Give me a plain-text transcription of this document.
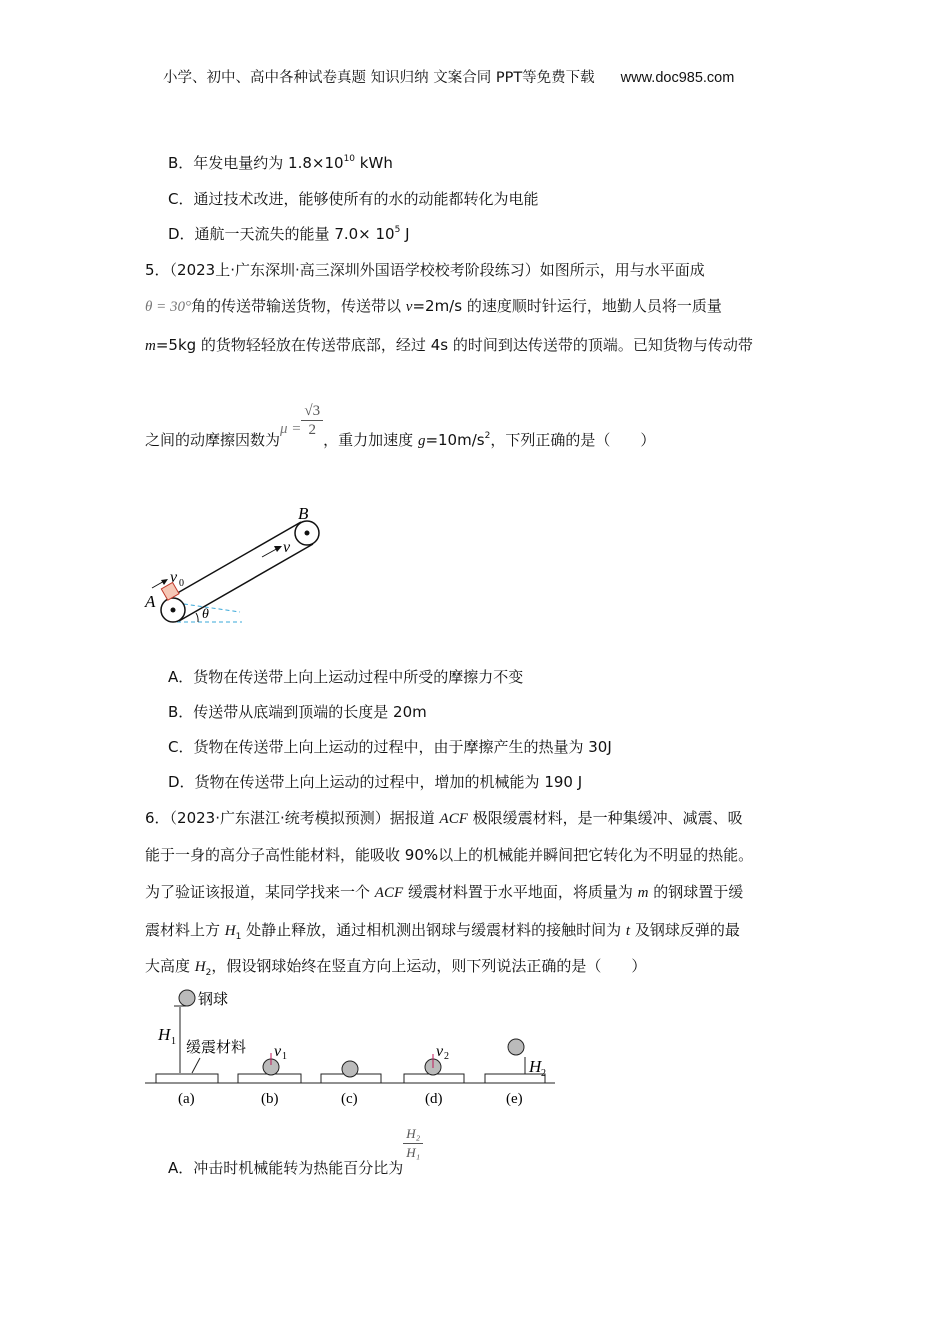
小学、初中、高中各种试卷真题 知识归纳 文案合同 PPT等免费下载 www.doc985.com
B．年发电量约为 $1.8\times 10^{10}$ kWh
C．通过技术改进，能够使所有的水的动能都转化为电能
D．通航一天流失的能量 $7.0\times 10^5$ J
5．（2023上·广东深圳·高三深圳外国语学校校考阶段练习）如图所示，用与水平面成
θ = 30°角的传送带输送货物，传送带以 v=2m/s 的速度顺时针运行，地勤人员将一质量
m=5kg 的货物轻轻放在传送带底部，经过 4s 的时间到达传送带的顶端。已知货物与传动带
之间的动摩擦因数为$\mu = \frac{√3}{2}$
，重力加速度 $g=10m/s^2$，下列正确的是（　　）
B
A
v
v 0
θ
A．货物在传送带上向上运动过程中所受的摩擦力不变
B．传送带从底端到顶端的长度是 20m
C．货物在传送带上向上运动的过程中，由于摩擦产生的热量为 30J
D．货物在传送带上向上运动的过程中，增加的机械能为 190 J
6．（2023·广东湛江·统考模拟预测）据报道 ACF 极限缓震材料，是一种集缓冲、减震、吸
能于一身的高分子高性能材料，能吸收 90%以上的机械能并瞬间把它转化为不明显的热能。
为了验证该报道，某同学找来一个 ACF 缓震材料置于水平地面，将质量为 m 的钢球置于缓
震材料上方 $H_1$ 处静止释放，通过相机测出钢球与缓震材料的接触时间为 t 及钢球反弹的最
大高度 $H_2$，假设钢球始终在竖直方向上运动，则下列说法正确的是（　　）
钢球
缓震材料
H 1
H 2
v 1	v 2
(a)	(b)	(c)	(d)	(e)
A．冲击时机械能转为热能百分比为
$\frac{\text{H₂}}{\text{H₁}}$
